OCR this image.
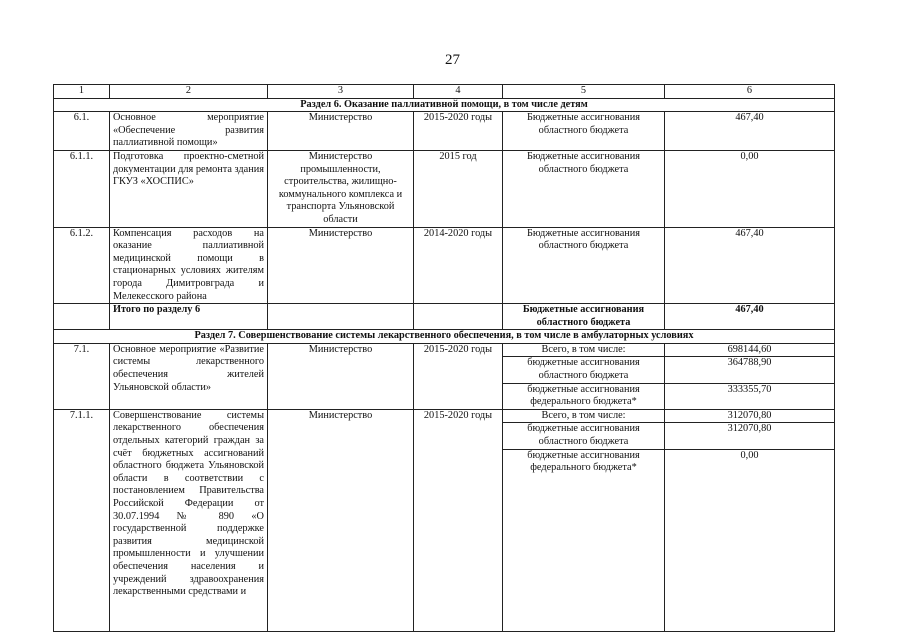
27
1	2	3	4	5	6
Раздел 6. Оказание паллиативной помощи, в том числе детям					
6.1.	Основное мероприятие «Обеспечение развития паллиативной помощи»	Министерство	2015-2020 годы	Бюджетные ассигнования областного бюджета	467,40
6.1.1.	Подготовка проектно-сметной документации для ремонта здания ГКУЗ «ХОСПИС»	Министерство промышленности, строительства, жилищно-коммунального комплекса и транспорта Ульяновской области	2015 год	Бюджетные ассигнования областного бюджета	0,00
6.1.2.	Компенсация расходов на оказание паллиативной медицинской помощи в стационарных условиях жителям города Димитровграда и Мелекесского района	Министерство	2014-2020 годы	Бюджетные ассигнования областного бюджета	467,40
	Итого по разделу 6			Бюджетные ассигнования областного бюджета	467,40
Раздел 7. Совершенствование системы лекарственного обеспечения, в том числе в амбулаторных условиях					
7.1.	Основное мероприятие «Развитие системы лекарственного обеспечения жителей Ульяновской области»	Министерство	2015-2020 годы	Всего, в том числе:	698144,60
				бюджетные ассигнования областного бюджета	364788,90
				бюджетные ассигнования федерального бюджета*	333355,70
7.1.1.	Совершенствование системы лекарственного обеспечения отдельных категорий граждан за счёт бюджетных ассигнований областного бюджета Ульяновской области в соответствии с постановлением Правительства Российской Федерации от 30.07.1994 № 890 «О государственной поддержке развития медицинской промышленности и улучшении обеспечения населения и учреждений здравоохранения лекарственными средствами и	Министерство	2015-2020 годы	Всего, в том числе:	312070,80
				бюджетные ассигнования областного бюджета	312070,80
				бюджетные ассигнования федерального бюджета*	0,00
